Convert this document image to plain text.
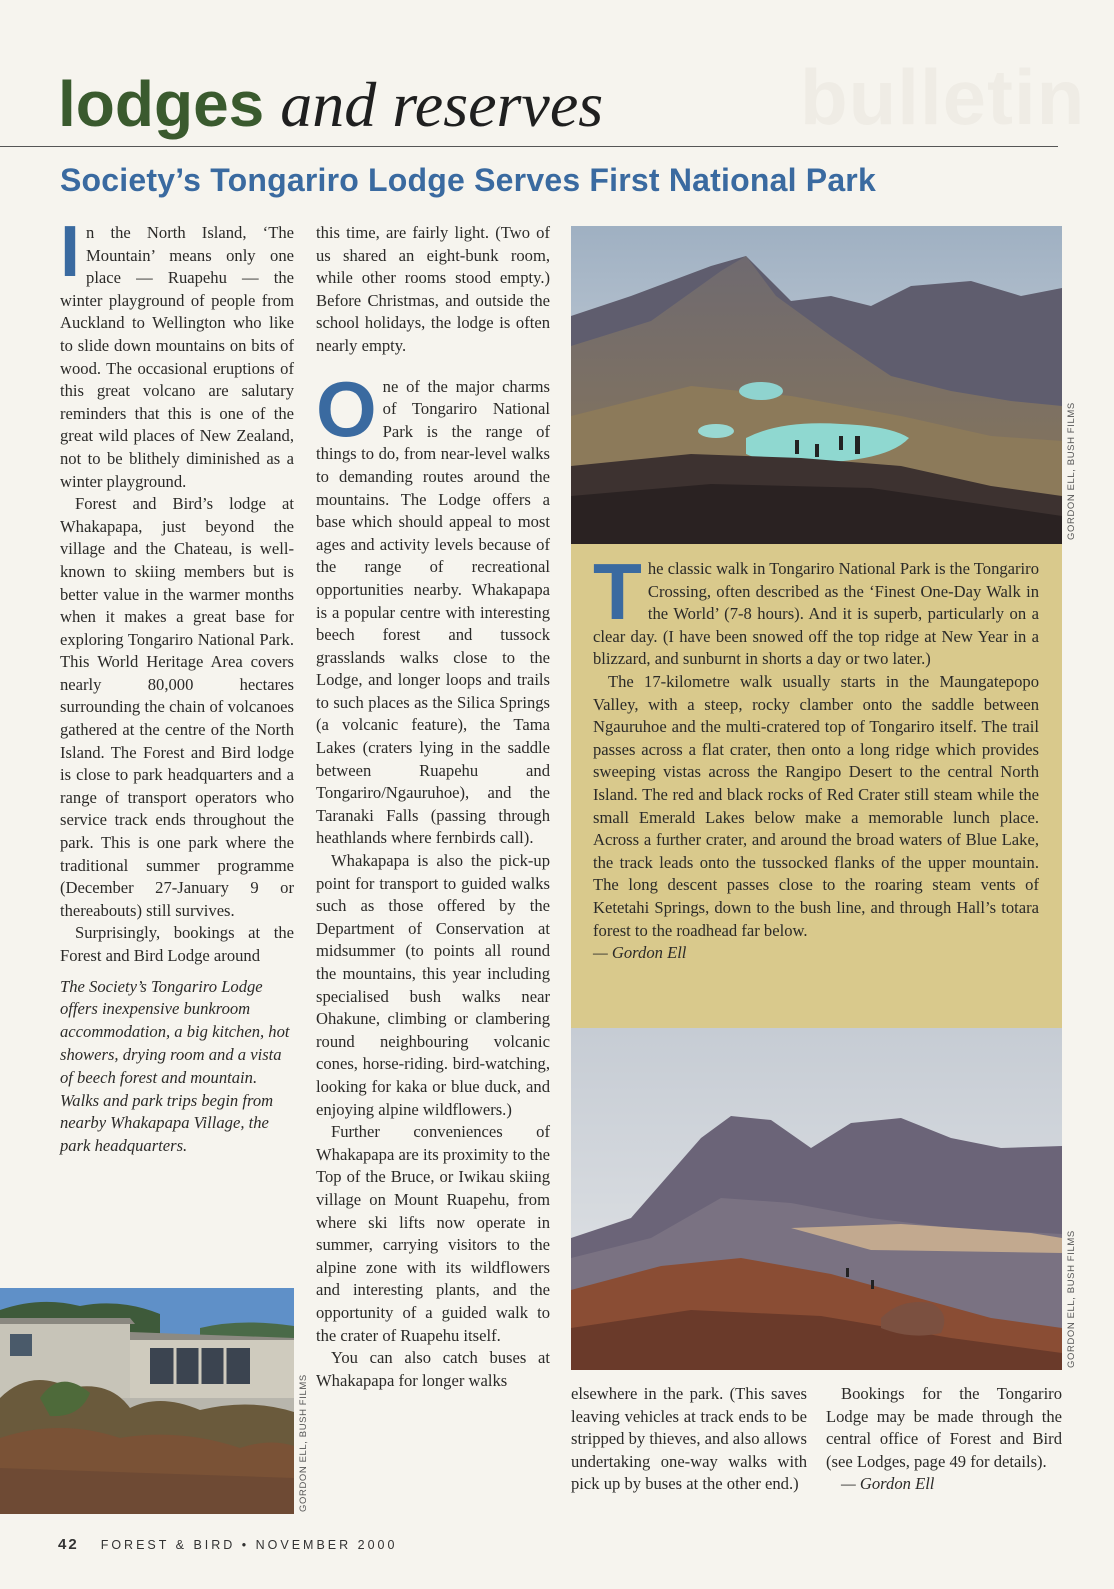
bulletin
lodges and reserves
Society’s Tongariro Lodge Serves First National Park

In the North Island, ‘The Mountain’ means only one place — Ruapehu — the winter playground of people from Auckland to Wellington who like to slide down mountains on bits of wood. The occasional eruptions of this great volcano are salutary reminders that this is one of the great wild places of New Zealand, not to be blithely diminished as a winter playground.

Forest and Bird’s lodge at Whakapapa, just beyond the village and the Chateau, is well-known to skiing members but is better value in the warmer months when it makes a great base for exploring Tongariro National Park. This World Heritage Area covers nearly 80,000 hectares surrounding the chain of volcanoes gathered at the centre of the North Island. The Forest and Bird lodge is close to park headquarters and a range of transport operators who service track ends throughout the park. This is one park where the traditional summer programme (December 27-January 9 or thereabouts) still survives.

Surprisingly, bookings at the Forest and Bird Lodge around

The Society’s Tongariro Lodge offers inexpensive bunkroom accommodation, a big kitchen, hot showers, drying room and a vista of beech forest and mountain. Walks and park trips begin from nearby Whakapapa Village, the park headquarters.

this time, are fairly light. (Two of us shared an eight-bunk room, while other rooms stood empty.) Before Christmas, and outside the school holidays, the lodge is often nearly empty.

One of the major charms of Tongariro National Park is the range of things to do, from near-level walks to demanding routes around the mountains. The Lodge offers a base which should appeal to most ages and activity levels because of the range of recreational opportunities nearby. Whakapapa is a popular centre with interesting beech forest and tussock grasslands walks close to the Lodge, and longer loops and trails to such places as the Silica Springs (a volcanic feature), the Tama Lakes (craters lying in the saddle between Ruapehu and Tongariro/Ngauruhoe), and the Taranaki Falls (passing through heathlands where fernbirds call).

Whakapapa is also the pick-up point for transport to guided walks such as those offered by the Department of Conservation at midsummer (to points all round the mountains, this year including specialised bush walks near Ohakune, climbing or clambering round neighbouring volcanic cones, horse-riding. bird-watching, looking for kaka or blue duck, and enjoying alpine wildflowers.)

Further conveniences of Whakapapa are its proximity to the Top of the Bruce, or Iwikau skiing village on Mount Ruapehu, from where ski lifts now operate in summer, carrying visitors to the alpine zone with its wildflowers and interesting plants, and the opportunity of a guided walk to the crater of Ruapehu itself.

You can also catch buses at Whakapapa for longer walks

GORDON ELL, BUSH FILMS

The classic walk in Tongariro National Park is the Tongariro Crossing, often described as the ‘Finest One-Day Walk in the World’ (7-8 hours). And it is superb, particularly on a clear day. (I have been snowed off the top ridge at New Year in a blizzard, and sunburnt in shorts a day or two later.)

The 17-kilometre walk usually starts in the Maungatepopo Valley, with a steep, rocky clamber onto the saddle between Ngauruhoe and the multi-cratered top of Tongariro itself. The trail passes across a flat crater, then onto a long ridge which provides sweeping vistas across the Rangipo Desert to the central North Island. The red and black rocks of Red Crater still steam while the small Emerald Lakes below make a memorable lunch place. Across a further crater, and around the broad waters of Blue Lake, the track leads onto the tussocked flanks of the upper mountain. The long descent passes close to the roaring steam vents of Ketetahi Springs, down to the bush line, and through Hall’s totara forest to the roadhead far below.

— Gordon Ell

GORDON ELL, BUSH FILMS
GORDON ELL, BUSH FILMS	elsewhere in the park. (This saves leaving vehicles at track ends to be stripped by thieves, and also allows undertaking one-way walks with pick up by buses at the other end.)

Bookings for the Tongariro Lodge may be made through the central office of Forest and Bird (see Lodges, page 49 for details).

— Gordon Ell

42 FOREST & BIRD • NOVEMBER 2000
